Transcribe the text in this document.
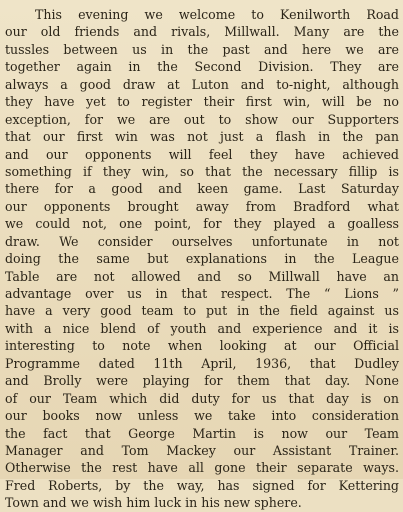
This evening we welcome to Kenilworth Road
our old friends and rivals, Millwall. Many are the
tussles between us in the past and here we are
together again in the Second Division. They are
always a good draw at Luton and to-night, although
they have yet to register their first win, will be no
exception, for we are out to show our Supporters
that our first win was not just a flash in the pan
and our opponents will feel they have achieved
something if they win, so that the necessary fillip is
there for a good and keen game. Last Saturday
our opponents brought away from Bradford what
we could not, one point, for they played a goalless
draw. We consider ourselves unfortunate in not
doing the same but explanations in the League
Table are not allowed and so Millwall have an
advantage over us in that respect. The “ Lions ”
have a very good team to put in the field against us
with a nice blend of youth and experience and it is
interesting to note when looking at our Official
Programme dated 11th April, 1936, that Dudley
and Brolly were playing for them that day. None
of our Team which did duty for us that day is on
our books now unless we take into consideration
the fact that George Martin is now our Team
Manager and Tom Mackey our Assistant Trainer.
Otherwise the rest have all gone their separate ways.
Fred Roberts, by the way, has signed for Kettering
Town and we wish him luck in his new sphere.
